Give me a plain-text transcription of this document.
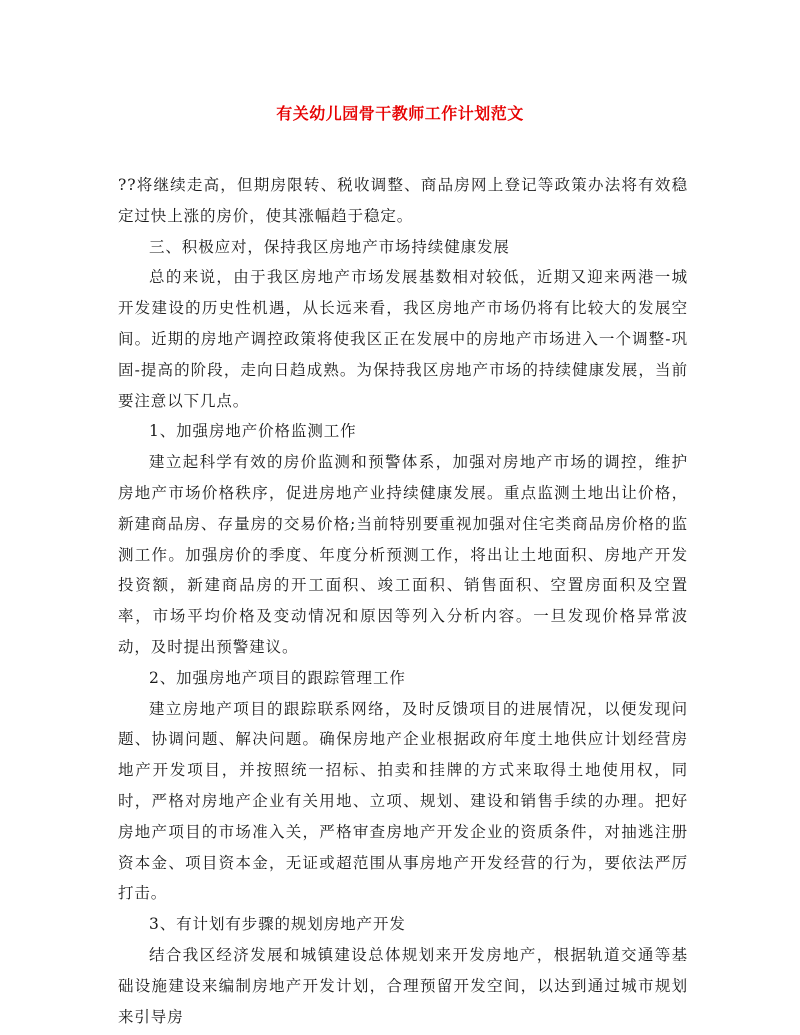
有关幼儿园骨干教师工作计划范文

??将继续走高，但期房限转、税收调整、商品房网上登记等政策办法将有效稳定过快上涨的房价，使其涨幅趋于稳定。

三、积极应对，保持我区房地产市场持续健康发展

总的来说，由于我区房地产市场发展基数相对较低，近期又迎来两港一城开发建设的历史性机遇，从长远来看，我区房地产市场仍将有比较大的发展空间。近期的房地产调控政策将使我区正在发展中的房地产市场进入一个调整-巩固-提高的阶段，走向日趋成熟。为保持我区房地产市场的持续健康发展，当前要注意以下几点。

1、加强房地产价格监测工作

建立起科学有效的房价监测和预警体系，加强对房地产市场的调控，维护房地产市场价格秩序，促进房地产业持续健康发展。重点监测土地出让价格，新建商品房、存量房的交易价格;当前特别要重视加强对住宅类商品房价格的监测工作。加强房价的季度、年度分析预测工作，将出让土地面积、房地产开发投资额，新建商品房的开工面积、竣工面积、销售面积、空置房面积及空置率，市场平均价格及变动情况和原因等列入分析内容。一旦发现价格异常波动，及时提出预警建议。

2、加强房地产项目的跟踪管理工作

建立房地产项目的跟踪联系网络，及时反馈项目的进展情况，以便发现问题、协调问题、解决问题。确保房地产企业根据政府年度土地供应计划经营房地产开发项目，并按照统一招标、拍卖和挂牌的方式来取得土地使用权，同时，严格对房地产企业有关用地、立项、规划、建设和销售手续的办理。把好房地产项目的市场准入关，严格审查房地产开发企业的资质条件，对抽逃注册资本金、项目资本金，无证或超范围从事房地产开发经营的行为，要依法严厉打击。

3、有计划有步骤的规划房地产开发

结合我区经济发展和城镇建设总体规划来开发房地产，根据轨道交通等基础设施建设来编制房地产开发计划，合理预留开发空间，以达到通过城市规划来引导房
